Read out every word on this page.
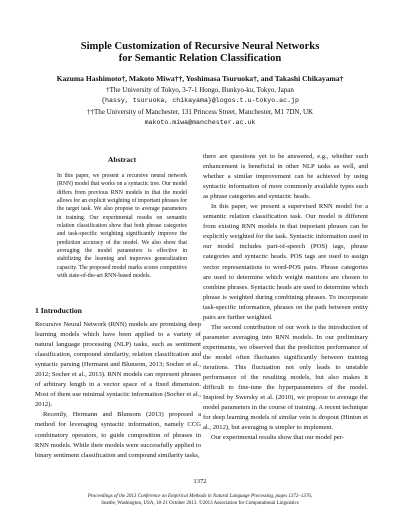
Simple Customization of Recursive Neural Networks
for Semantic Relation Classification
Kazuma Hashimoto†, Makoto Miwa††, Yoshimasa Tsuruoka†, and Takashi Chikayama†
†The University of Tokyo, 3-7-1 Hongo, Bunkyo-ku, Tokyo, Japan
{hassy, tsuruoka, chikayama}@logos.t.u-tokyo.ac.jp
††The University of Manchester, 131 Princess Street, Manchester, M1 7DN, UK
makoto.miwa@manchester.ac.uk
Abstract
In this paper, we present a recursive neural network (RNN) model that works on a syntactic tree. Our model differs from previous RNN models in that the model allows for an explicit weighting of important phrases for the target task. We also propose to average parameters in training. Our experimental results on semantic relation classification show that both phrase categories and task-specific weighting significantly improve the prediction accuracy of the model. We also show that averaging the model parameters is effective in stabilizing the learning and improves generalization capacity. The proposed model marks scores competitive with state-of-the-art RNN-based models.
1 Introduction

Recursive Neural Network (RNN) models are promising deep learning models which have been applied to a variety of natural language processing (NLP) tasks, such as sentiment classification, compound similarity, relation classification and syntactic parsing (Hermann and Blunsom, 2013; Socher et al., 2012; Socher et al., 2013). RNN models can represent phrases of arbitrary length in a vector space of a fixed dimension. Most of them use minimal syntactic information (Socher et al., 2012).

Recently, Hermann and Blunsom (2013) proposed a method for leveraging syntactic information, namely CCG combinatory operators, to guide composition of phrases in RNN models. While their models were successfully applied to binary sentiment classification and compound similarity tasks,

there are questions yet to be answered, e.g., whether such enhancement is beneficial in other NLP tasks as well, and whether a similar improvement can be achieved by using syntactic information of more commonly available types such as phrase categories and syntactic heads.

In this paper, we present a supervised RNN model for a semantic relation classification task. Our model is different from existing RNN models in that important phrases can be explicitly weighted for the task. Syntactic information used in our model includes part-of-speech (POS) tags, phrase categories and syntactic heads. POS tags are used to assign vector representations to word-POS pairs. Phrase categories are used to determine which weight matrices are chosen to combine phrases. Syntactic heads are used to determine which phrase is weighted during combining phrases. To incorporate task-specific information, phrases on the path between entity pairs are further weighted.

The second contribution of our work is the introduction of parameter averaging into RNN models. In our preliminary experiments, we observed that the prediction performance of the model often fluctuates significantly between training iterations. This fluctuation not only leads to unstable performance of the resulting models, but also makes it difficult to fine-tune the hyperparameters of the model. Inspired by Swersky et al. (2010), we propose to average the model parameters in the course of training. A recent technique for deep learning models of similar vein is dropout (Hinton et al., 2012), but averaging is simpler to implement.

Our experimental results show that our model per-

1372
Proceedings of the 2013 Conference on Empirical Methods in Natural Language Processing, pages 1372–1376,
Seattle, Washington, USA, 18-21 October 2013. ©2013 Association for Computational Linguistics
